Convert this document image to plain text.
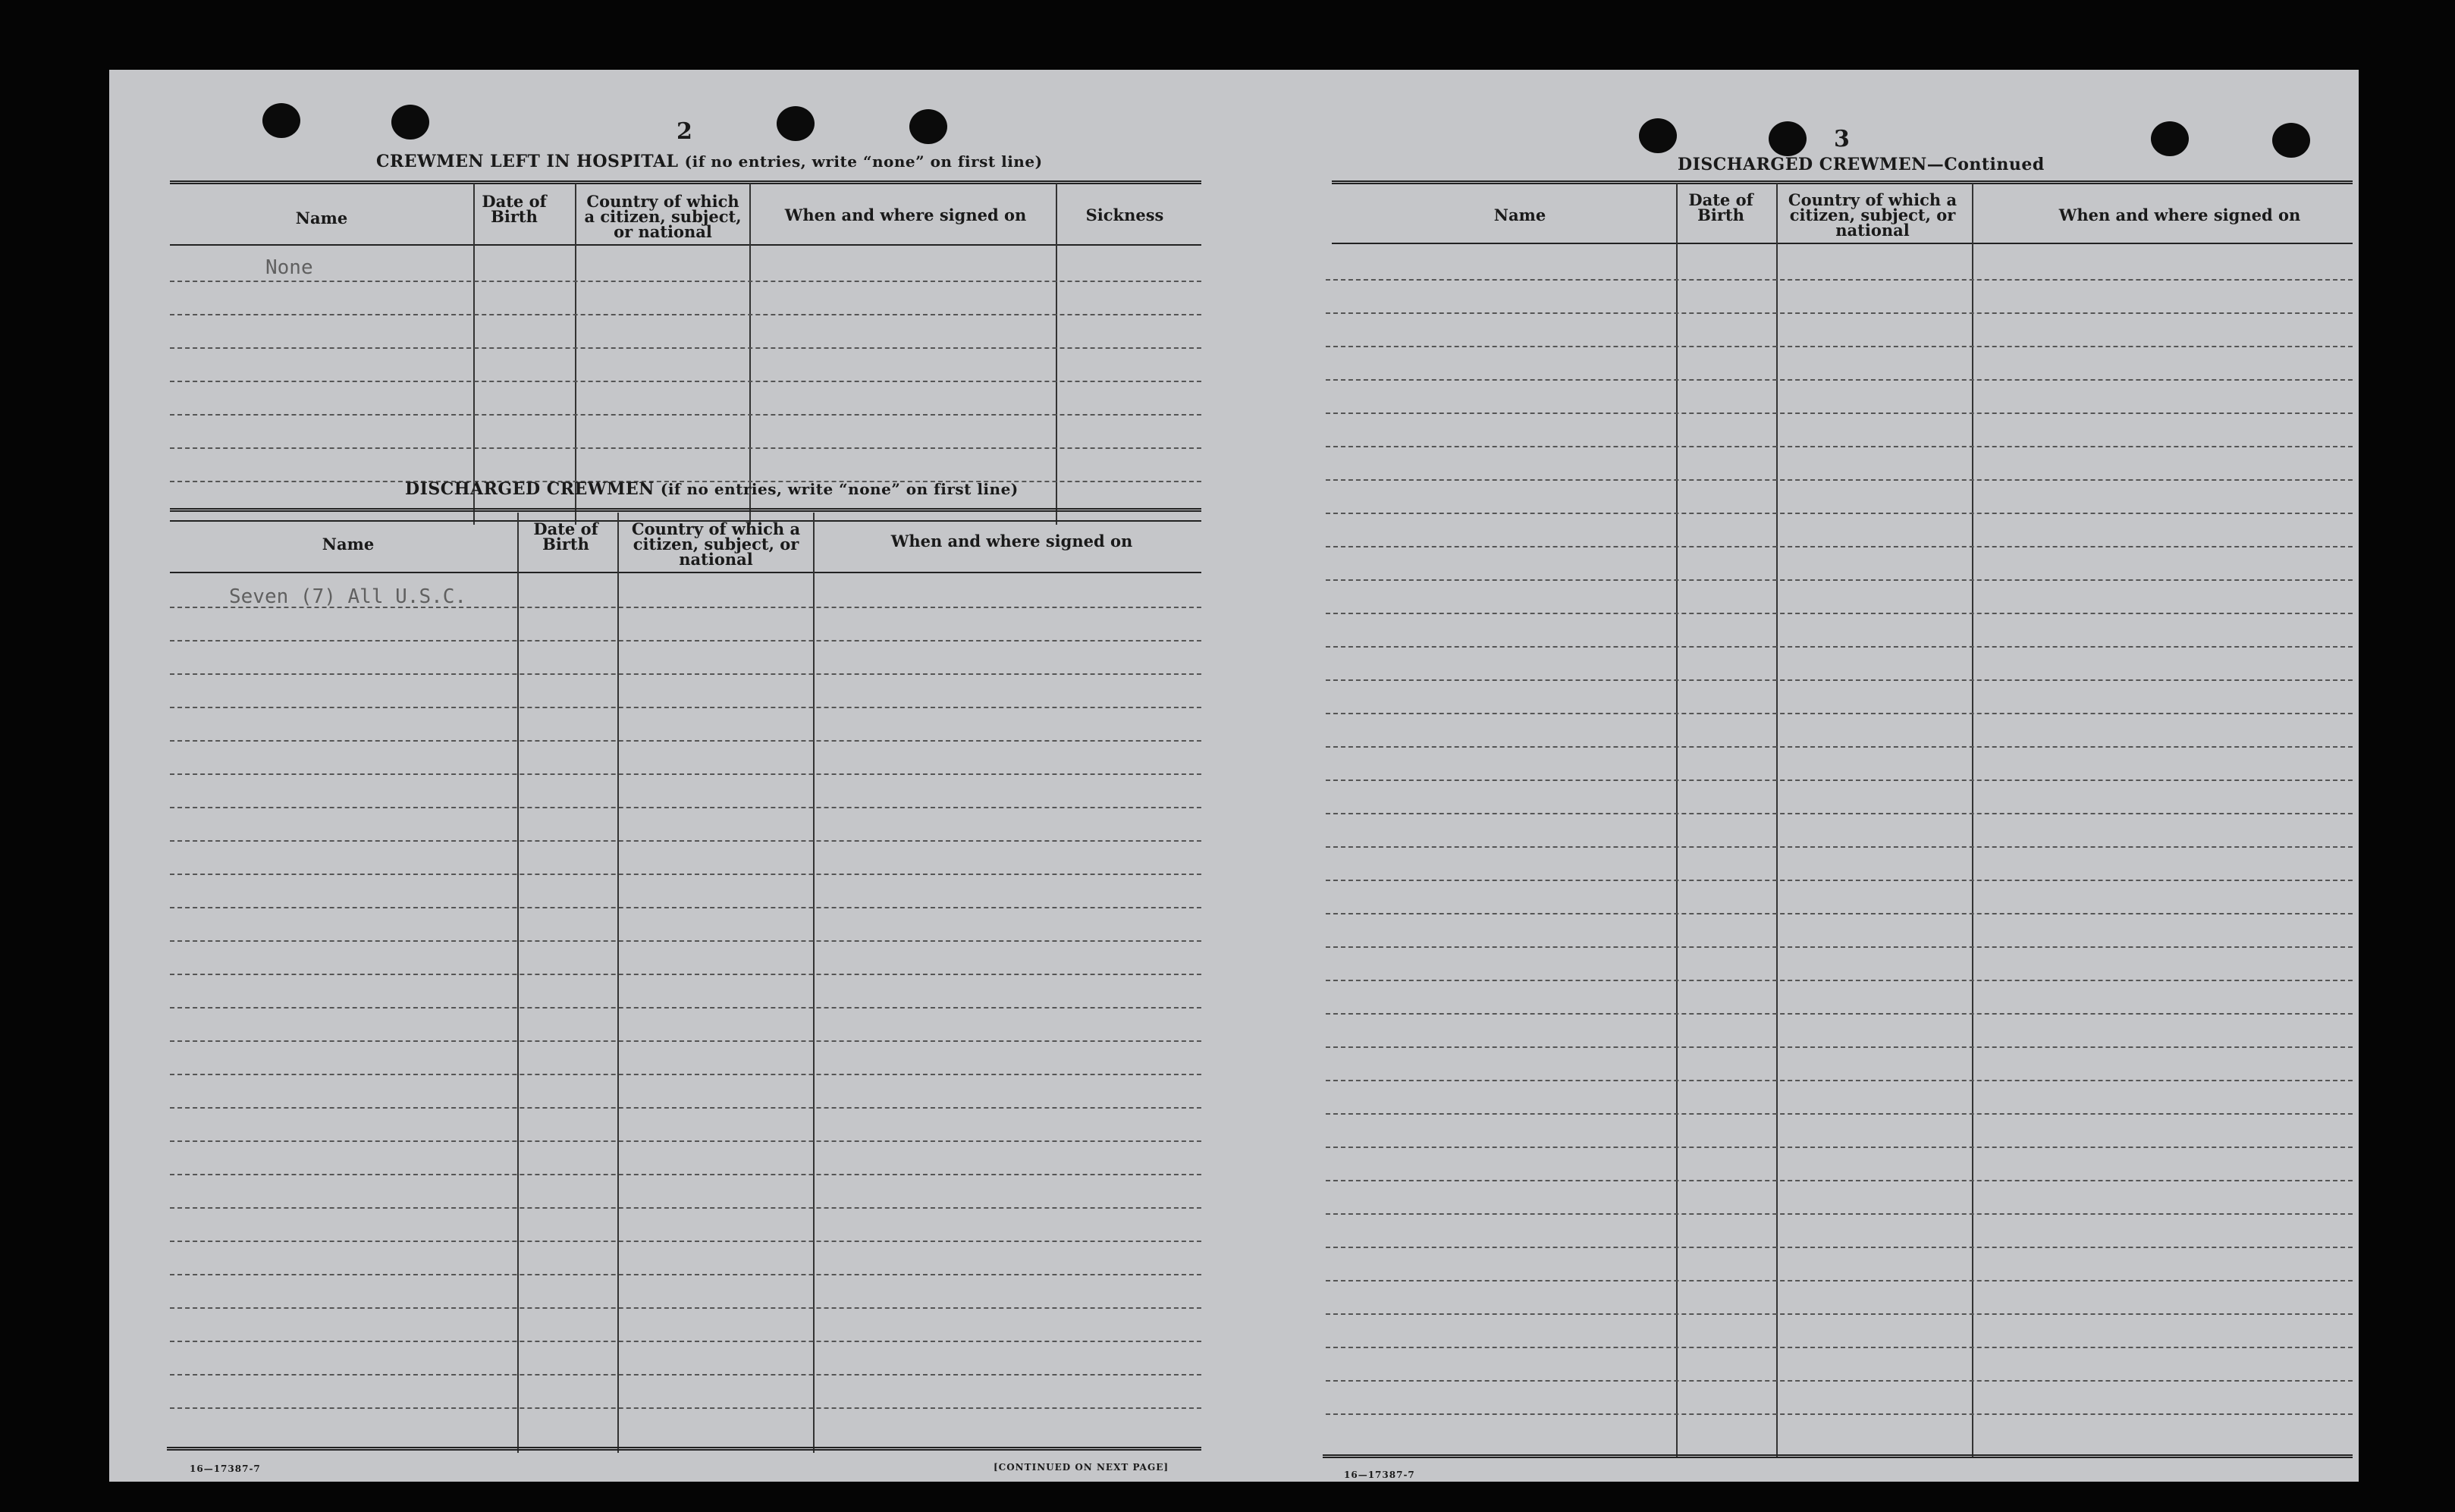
2
CREWMEN LEFT IN HOSPITAL (if no entries, write “none” on first line)
Name
Date of Birth
Country of which a citizen, subject, or national
When and where signed on	Sickness
None
DISCHARGED CREWMEN (if no entries, write “none” on first line)
Name
Date of Birth
Country of which a citizen, subject, or national
When and where signed on
Seven (7) All U.S.C.
16—17387-7	[CONTINUED ON NEXT PAGE]
3
DISCHARGED CREWMEN—Continued
Name
Date of Birth
Country of which a citizen, subject, or national
When and where signed on
16—17387-7
